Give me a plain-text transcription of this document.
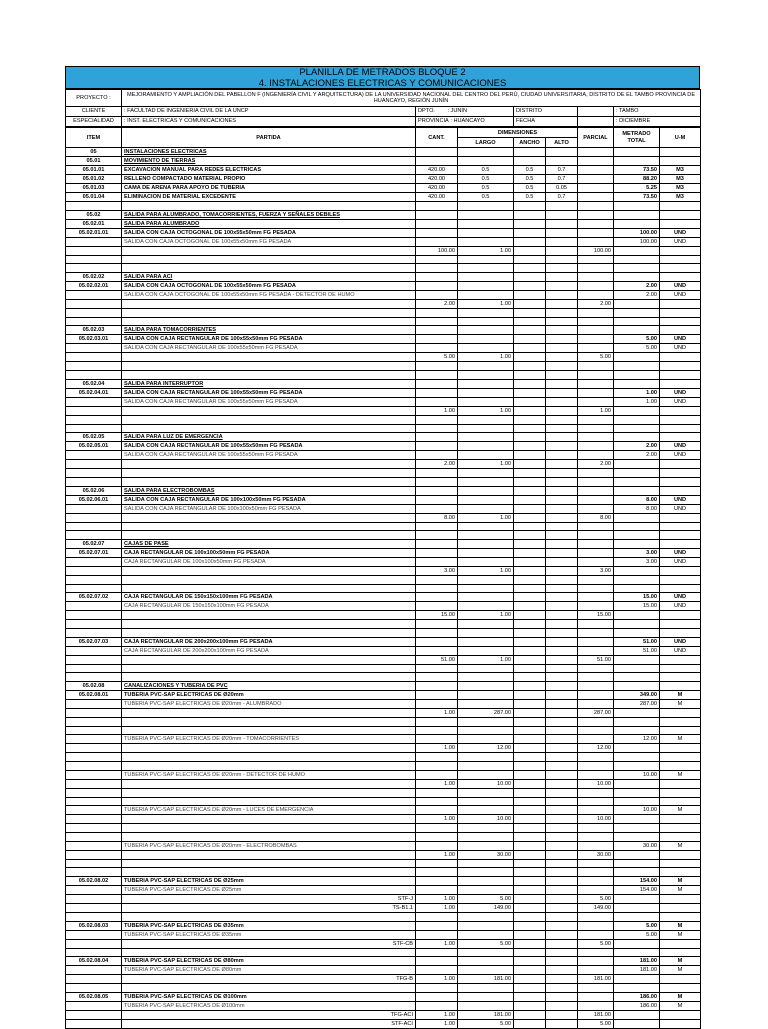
PLANILLA DE METRADOS BLOQUE 2
4. INSTALACIONES ELECTRICAS Y COMUNICACIONES
PROYECTO :	MEJORAMIENTO Y AMPLIACIÓN DEL PABELLON F (INGENIERÍA CIVIL Y ARQUITECTURA) DE LA UNIVERSIDAD NACIONAL DEL CENTRO DEL PERÚ, CIUDAD UNIVERSITARIA, DISTRITO DE EL TAMBO PROVINCIA DE HUANCAYO, REGIÓN JUNÍN				
CLIENTE	: FACULTAD DE INGENIERIA CIVIL DE LA UNCP	DPTO. : JUNIN	DISTRITO		: TAMBO
ESPECIALIDAD	: INST. ELECTRICAS Y COMUNICACIONES	PROVINCIA : HUANCAYO	FECHA		: DICIEMBRE
ITEM	PARTIDA	CANT.	DIMENSIONES			PARCIAL	METRADO TOTAL	U-M
			LARGO	ANCHO	ALTO			
05	INSTALACIONES ELECTRICAS							
05.01	MOVIMIENTO DE TIERRAS							
05.01.01	EXCAVACION MANUAL PARA REDES ELECTRICAS	420.00	0.5	0.5	0.7		73.50	M3
05.01.02	RELLENO COMPACTADO MATERIAL PROPIO	420.00	0.5	0.5	0.7		88.20	M3
05.01.03	CAMA DE ARENA PARA APOYO DE TUBERIA	420.00	0.5	0.5	0.05		5.25	M3
05.01.04	ELIMINACION DE MATERIAL EXCEDENTE	420.00	0.5	0.5	0.7		73.50	M3

05.02	SALIDA PARA ALUMBRADO, TOMACORRIENTES, FUERZA Y SEÑALES DEBILES							
05.02.01	SALIDA PARA ALUMBRADO							
05.02.01.01	SALIDA CON CAJA OCTOGONAL DE 100x55x50mm FG PESADA						100.00	UND
	SALIDA CON CAJA OCTOGONAL DE 100x55x50mm FG PESADA						100.00	UND
		100.00	1.00			100.00		

05.02.02	SALIDA PARA ACI							
05.02.02.01	SALIDA CON CAJA OCTOGONAL DE 100x55x50mm FG PESADA						2.00	UND
	SALIDA CON CAJA OCTOGONAL DE 100x55x50mm FG PESADA - DETECTOR DE HUMO						2.00	UND
		2.00	1.00			2.00		

05.02.03	SALIDA PARA TOMACORRIENTES							
05.02.03.01	SALIDA CON CAJA RECTANGULAR DE 100x55x50mm FG PESADA						5.00	UND
	SALIDA CON CAJA RECTANGULAR DE 100x55x50mm FG PESADA						5.00	UND
		5.00	1.00			5.00		

05.02.04	SALIDA PARA INTERRUPTOR							
05.02.04.01	SALIDA CON CAJA RECTANGULAR DE 100x55x50mm FG PESADA						1.00	UND
	SALIDA CON CAJA RECTANGULAR DE 100x55x50mm FG PESADA						1.00	UND
		1.00	1.00			1.00		

05.02.05	SALIDA PARA LUZ DE EMERGENCIA							
05.02.05.01	SALIDA CON CAJA RECTANGULAR DE 100x55x50mm FG PESADA						2.00	UND
	SALIDA CON CAJA RECTANGULAR DE 100x55x50mm FG PESADA						2.00	UND
		2.00	1.00			2.00		

05.02.06	SALIDA PARA ELECTROBOMBAS							
05.02.06.01	SALIDA CON CAJA RECTANGULAR DE 100x100x50mm FG PESADA						8.00	UND
	SALIDA CON CAJA RECTANGULAR DE 100x100x50mm FG PESADA						8.00	UND
		8.00	1.00			8.00		

05.02.07	CAJAS DE PASE							
05.02.07.01	CAJA RECTANGULAR DE 100x100x50mm FG PESADA						3.00	UND
	CAJA RECTANGULAR DE 100x100x50mm FG PESADA						3.00	UND
		3.00	1.00			3.00		

05.02.07.02	CAJA RECTANGULAR DE 150x150x100mm FG PESADA						15.00	UND
	CAJA RECTANGULAR DE 150x150x100mm FG PESADA						15.00	UND
		15.00	1.00			15.00		

05.02.07.03	CAJA RECTANGULAR DE 200x200x100mm FG PESADA						51.00	UND
	CAJA RECTANGULAR DE 200x200x100mm FG PESADA						51.00	UND
		51.00	1.00			51.00		

05.02.08	CANALIZACIONES Y TUBERIA DE PVC							
05.02.08.01	TUBERIA PVC-SAP ELECTRICAS DE Ø20mm						349.00	M
	TUBERIA PVC-SAP ELECTRICAS DE Ø20mm - ALUMBRADO						287.00	M
		1.00	287.00			287.00		

	TUBERIA PVC-SAP ELECTRICAS DE Ø20mm - TOMACORRIENTES						12.00	M
		1.00	12.00			12.00		

	TUBERIA PVC-SAP ELECTRICAS DE Ø20mm - DETECTOR DE HUMO						10.00	M
		1.00	10.00			10.00		

	TUBERIA PVC-SAP ELECTRICAS DE Ø20mm - LUCES DE EMERGENCIA						10.00	M
		1.00	10.00			10.00		

	TUBERIA PVC-SAP ELECTRICAS DE Ø20mm - ELECTROBOMBAS						30.00	M
		1.00	30.00			30.00		

05.02.08.02	TUBERIA PVC-SAP ELECTRICAS DE Ø25mm						154.00	M
	TUBERIA PVC-SAP ELECTRICAS DE Ø25mm						154.00	M
	STF-J	1.00	5.00			5.00		
	TS-B1.1	1.00	149.00			149.00		

05.02.08.03	TUBERIA PVC-SAP ELECTRICAS DE Ø35mm						5.00	M
	TUBERIA PVC-SAP ELECTRICAS DE Ø35mm						5.00	M
	STF-CB	1.00	5.00			5.00		

05.02.08.04	TUBERIA PVC-SAP ELECTRICAS DE Ø80mm						181.00	M
	TUBERIA PVC-SAP ELECTRICAS DE Ø80mm						181.00	M
	TFG-B	1.00	181.00			181.00		

05.02.08.05	TUBERIA PVC-SAP ELECTRICAS DE Ø100mm						186.00	M
	TUBERIA PVC-SAP ELECTRICAS DE Ø100mm						186.00	M
	TFG-ACI	1.00	181.00			181.00		
	STF-ACI	1.00	5.00			5.00		
